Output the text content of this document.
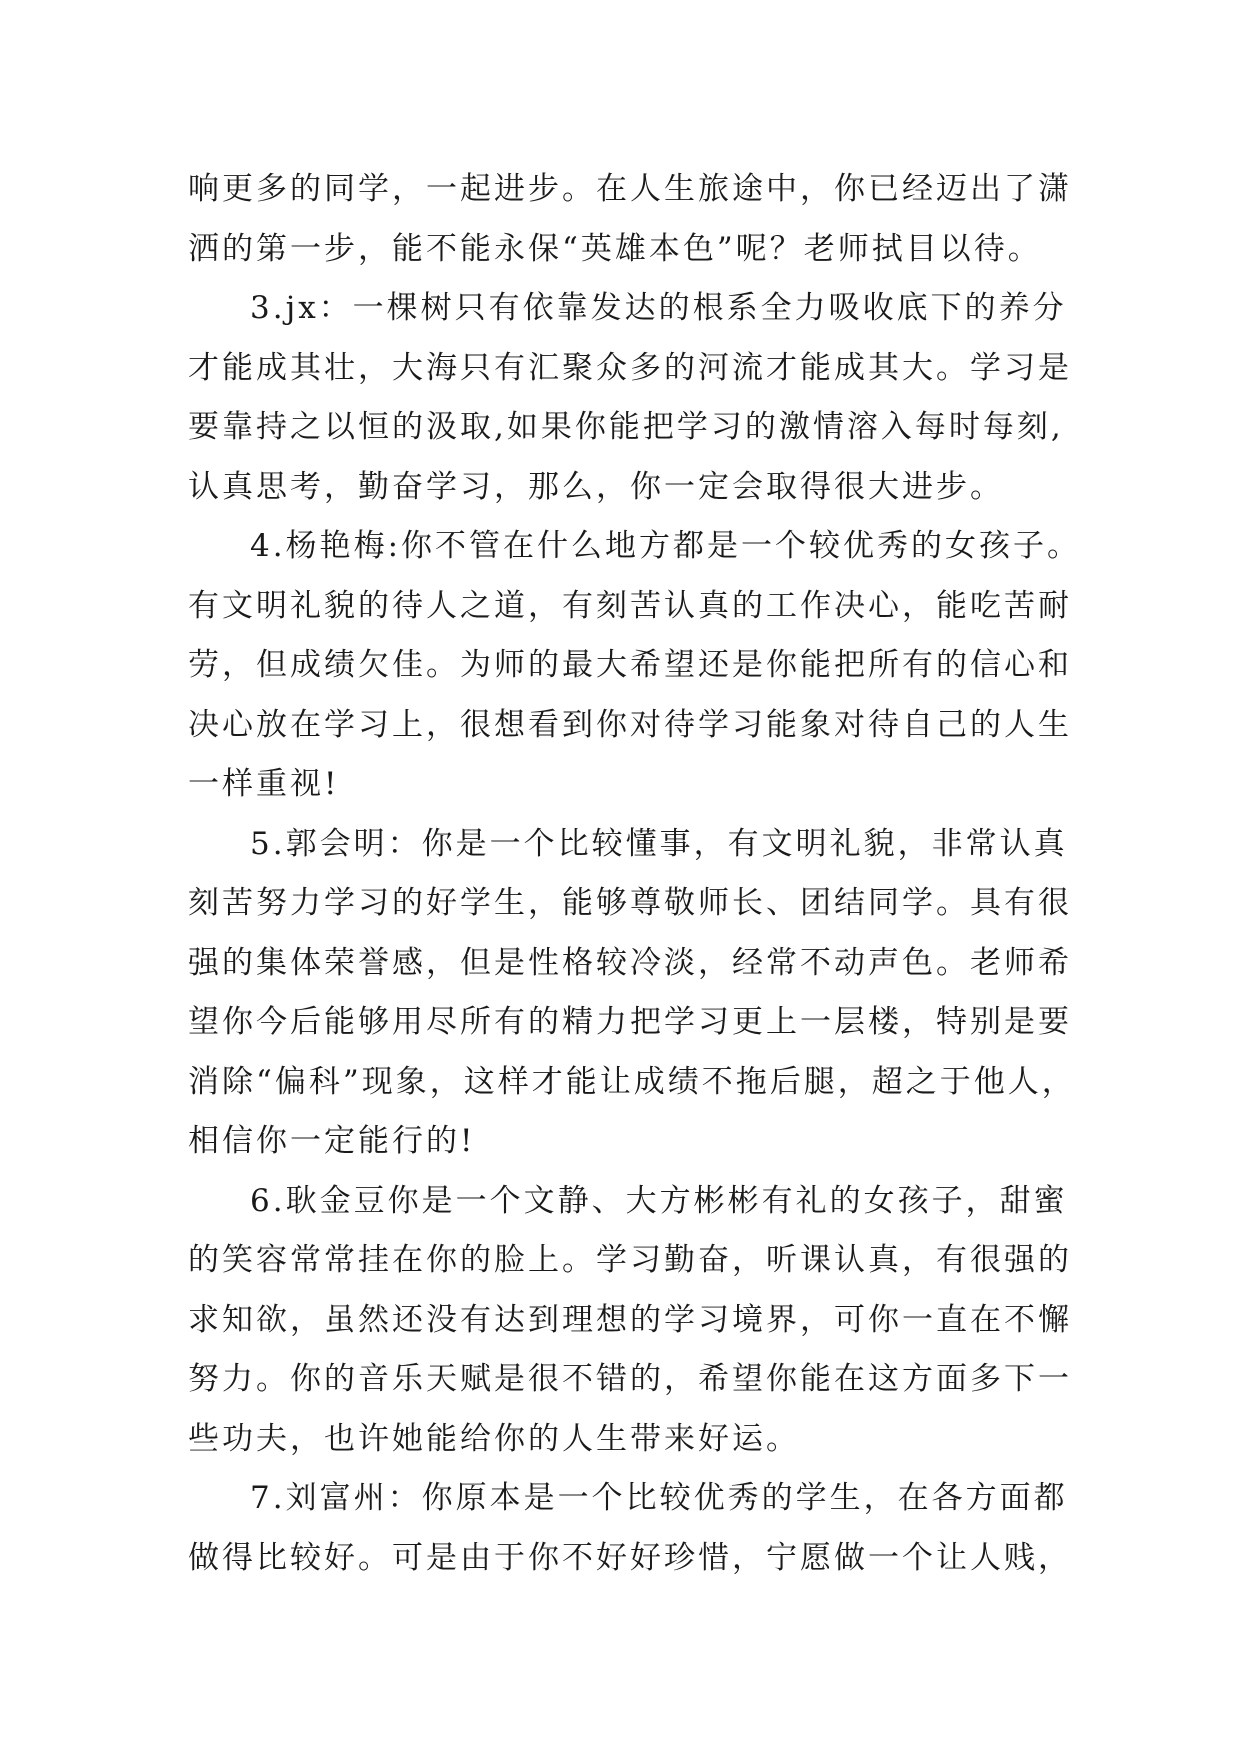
响更多的同学，一起进步。在人生旅途中，你已经迈出了潇
洒的第一步，能不能永保“英雄本色”呢？老师拭目以待。
3.jx：一棵树只有依靠发达的根系全力吸收底下的养分
才能成其壮，大海只有汇聚众多的河流才能成其大。学习是
要靠持之以恒的汲取,如果你能把学习的激情溶入每时每刻,
认真思考，勤奋学习，那么，你一定会取得很大进步。
4.杨艳梅:你不管在什么地方都是一个较优秀的女孩子。
有文明礼貌的待人之道，有刻苦认真的工作决心，能吃苦耐
劳，但成绩欠佳。为师的最大希望还是你能把所有的信心和
决心放在学习上，很想看到你对待学习能象对待自己的人生
一样重视!
5.郭会明：你是一个比较懂事，有文明礼貌，非常认真
刻苦努力学习的好学生，能够尊敬师长、团结同学。具有很
强的集体荣誉感，但是性格较冷淡，经常不动声色。老师希
望你今后能够用尽所有的精力把学习更上一层楼，特别是要
消除“偏科”现象，这样才能让成绩不拖后腿，超之于他人，
相信你一定能行的!
6.耿金豆你是一个文静、大方彬彬有礼的女孩子，甜蜜
的笑容常常挂在你的脸上。学习勤奋，听课认真，有很强的
求知欲，虽然还没有达到理想的学习境界，可你一直在不懈
努力。你的音乐天赋是很不错的，希望你能在这方面多下一
些功夫，也许她能给你的人生带来好运。
7.刘富州：你原本是一个比较优秀的学生，在各方面都
做得比较好。可是由于你不好好珍惜，宁愿做一个让人贱，
